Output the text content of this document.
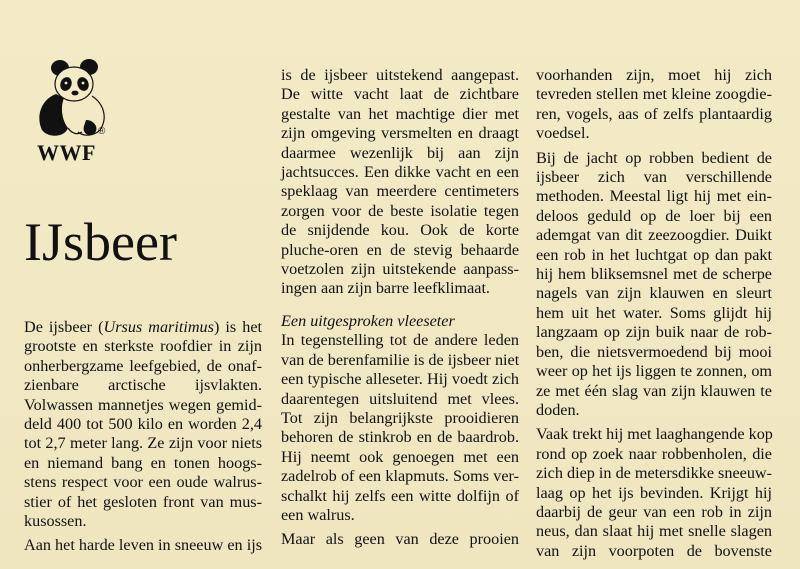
®
WWF
IJsbeer

De ijsbeer (Ursus maritimus) is het
grootste en sterkste roofdier in zijn
onherbergzame leefgebied, de onaf-
zienbare arctische ijsvlakten.
Volwassen mannetjes wegen gemid-
deld 400 tot 500 kilo en worden 2,4
tot 2,7 meter lang. Ze zijn voor niets
en niemand bang en tonen hoogs-
stens respect voor een oude walrus-
stier of het gesloten front van mus-
kusossen.

Aan het harde leven in sneeuw en ijs

is de ijsbeer uitstekend aangepast.
De witte vacht laat de zichtbare
gestalte van het machtige dier met
zijn omgeving versmelten en draagt
daarmee wezenlijk bij aan zijn
jachtsucces. Een dikke vacht en een
speklaag van meerdere centimeters
zorgen voor de beste isolatie tegen
de snijdende kou. Ook de korte
pluche-oren en de stevig behaarde
voetzolen zijn uitstekende aanpass-
ingen aan zijn barre leefklimaat.

Een uitgesproken vleeseter

In tegenstelling tot de andere leden
van de berenfamilie is de ijsbeer niet
een typische alleseter. Hij voedt zich
daarentegen uitsluitend met vlees.
Tot zijn belangrijkste prooidieren
behoren de stinkrob en de baardrob.
Hij neemt ook genoegen met een
zadelrob of een klapmuts. Soms ver-
schalkt hij zelfs een witte dolfijn of
een walrus.

Maar als geen van deze prooien

voorhanden zijn, moet hij zich
tevreden stellen met kleine zoogdie-
ren, vogels, aas of zelfs plantaardig
voedsel.

Bij de jacht op robben bedient de
ijsbeer zich van verschillende
methoden. Meestal ligt hij met ein-
deloos geduld op de loer bij een
ademgat van dit zeezoogdier. Duikt
een rob in het luchtgat op dan pakt
hij hem bliksemsnel met de scherpe
nagels van zijn klauwen en sleurt
hem uit het water. Soms glijdt hij
langzaam op zijn buik naar de rob-
ben, die nietsvermoedend bij mooi
weer op het ijs liggen te zonnen, om
ze met één slag van zijn klauwen te
doden.

Vaak trekt hij met laaghangende kop
rond op zoek naar robbenholen, die
zich diep in de metersdikke sneeuw-
laag op het ijs bevinden. Krijgt hij
daarbij de geur van een rob in zijn
neus, dan slaat hij met snelle slagen
van zijn voorpoten de bovenste
